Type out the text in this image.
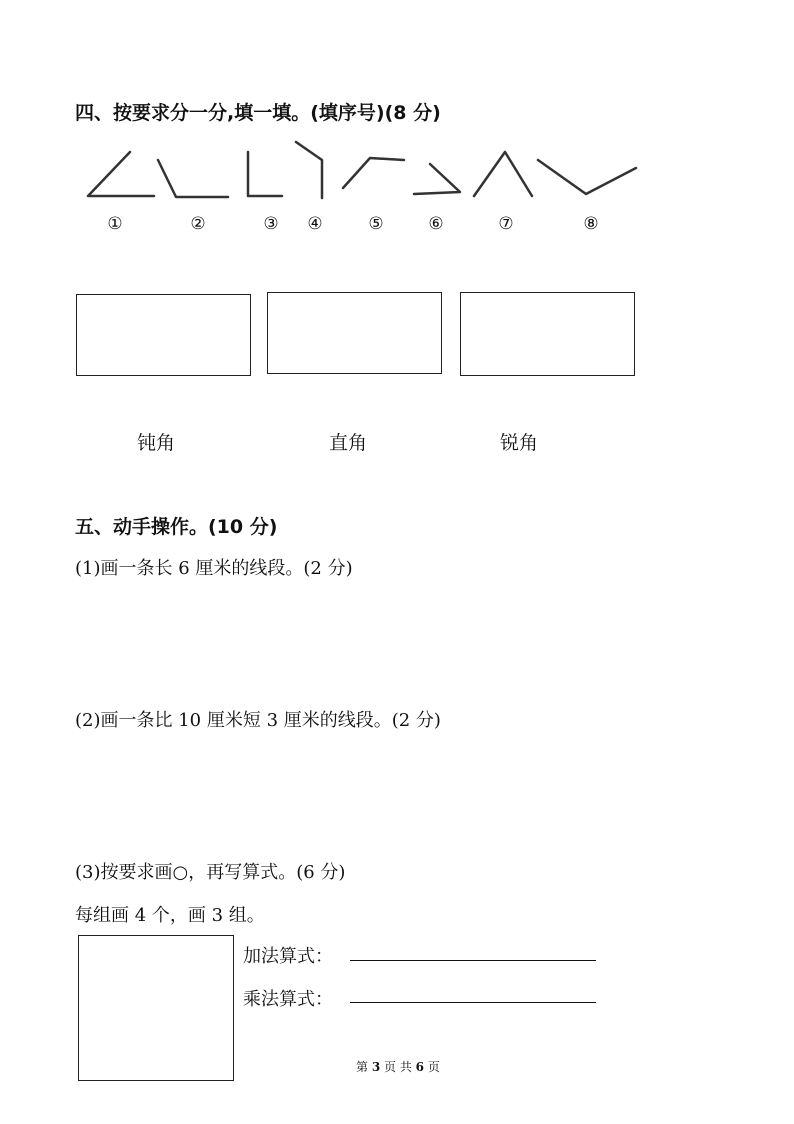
四、按要求分一分,填一填。(填序号)(8 分)
①	②	③ ④	⑤	⑥	⑦	⑧
钝角	直角	锐角
五、动手操作。(10 分)
(1)画一条长 6 厘米的线段。(2 分)
(2)画一条比 10 厘米短 3 厘米的线段。(2 分)
(3)按要求画○，再写算式。(6 分)
每组画 4 个，画 3 组。
加法算式：
乘法算式：
第 3 页 共 6 页
